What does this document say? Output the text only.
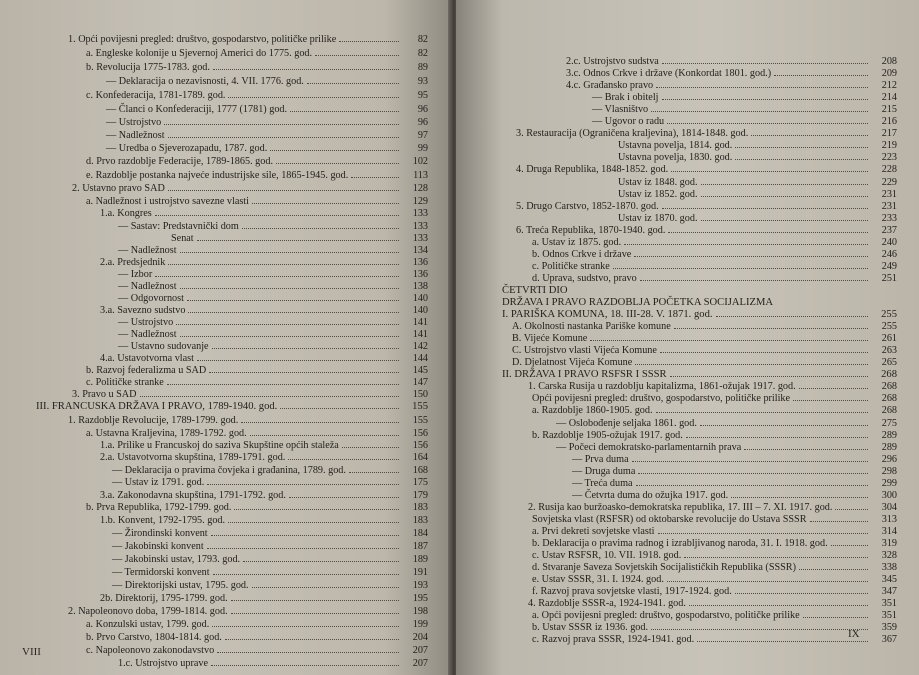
1. Opći povijesni pregled: društvo, gospodarstvo, političke prilike	82
a. Engleske kolonije u Sjevernoj Americi do 1775. god.	82
b. Revolucija 1775-1783. god.	89
— Deklaracija o nezavisnosti, 4. VII. 1776. god.	93
c. Konfederacija, 1781-1789. god.	95
— Članci o Konfederaciji, 1777 (1781) god.	96
— Ustrojstvo	96
— Nadležnost	97
— Uredba o Sjeverozapadu, 1787. god.	99
d. Prvo razdoblje Federacije, 1789-1865. god.	102
e. Razdoblje postanka najveće industrijske sile, 1865-1945. god.	113
2. Ustavno pravo SAD	128
a. Nadležnost i ustrojstvo savezne vlasti	129
1.a. Kongres	133
— Sastav: Predstavnički dom	133
Senat	133
— Nadležnost	134
2.a. Predsjednik	136
— Izbor	136
— Nadležnost	138
— Odgovornost	140
3.a. Savezno sudstvo	140
— Ustrojstvo	141
— Nadležnost	141
— Ustavno sudovanje	142
4.a. Ustavotvorna vlast	144
b. Razvoj federalizma u SAD	145
c. Političke stranke	147
3. Pravo u SAD	150
III. FRANCUSKA DRŽAVA I PRAVO, 1789-1940. god.	155
1. Razdoblje Revolucije, 1789-1799. god.	155
a. Ustavna Kraljevina, 1789-1792. god.	156
1.a. Prilike u Francuskoj do saziva Skupštine općih staleža	156
2.a. Ustavotvorna skupština, 1789-1791. god.	164
— Deklaracija o pravima čovjeka i građanina, 1789. god.	168
— Ustav iz 1791. god.	175
3.a. Zakonodavna skupština, 1791-1792. god.	179
b. Prva Republika, 1792-1799. god.	183
1.b. Konvent, 1792-1795. god.	183
— Žirondinski konvent	184
— Jakobinski konvent	187
— Jakobinski ustav, 1793. god.	189
— Termidorski konvent	191
— Direktorijski ustav, 1795. god.	193
2b. Direktorij, 1795-1799. god.	195
2. Napoleonovo doba, 1799-1814. god.	198
a. Konzulski ustav, 1799. god.	199
b. Prvo Carstvo, 1804-1814. god.	204
c. Napoleonovo zakonodavstvo	207
1.c. Ustrojstvo uprave	207
VIII
2.c. Ustrojstvo sudstva	208
3.c. Odnos Crkve i države (Konkordat 1801. god.)	209
4.c. Građansko pravo	212
— Brak i obitelj	214
— Vlasništvo	215
— Ugovor o radu	216
3. Restauracija (Ograničena kraljevina), 1814-1848. god.	217
Ustavna povelja, 1814. god.	219
Ustavna povelja, 1830. god.	223
4. Druga Republika, 1848-1852. god.	228
Ustav iz 1848. god.	229
Ustav iz 1852. god.	231
5. Drugo Carstvo, 1852-1870. god.	231
Ustav iz 1870. god.	233
6. Treća Republika, 1870-1940. god.	237
a. Ustav iz 1875. god.	240
b. Odnos Crkve i države	246
c. Političke stranke	249
d. Uprava, sudstvo, pravo	251
ČETVRTI DIO
DRŽAVA I PRAVO RAZDOBLJA POČETKA SOCIJALIZMA
I. PARIŠKA KOMUNA, 18. III-28. V. 1871. god.	255
A. Okolnosti nastanka Pariške komune	255
B. Vijeće Komune	261
C. Ustrojstvo vlasti Vijeća Komune	263
D. Djelatnost Vijeća Komune	265
II. DRŽAVA I PRAVO RSFSR I SSSR	268
1. Carska Rusija u razdoblju kapitalizma, 1861-ožujak 1917. god.	268
Opći povijesni pregled: društvo, gospodarstvo, političke prilike	268
a. Razdoblje 1860-1905. god.	268
— Oslobođenje seljaka 1861. god.	275
b. Razdoblje 1905-ožujak 1917. god.	289
— Počeci demokratsko-parlamentarnih prava	289
— Prva duma	296
— Druga duma	298
— Treća duma	299
— Četvrta duma do ožujka 1917. god.	300
2. Rusija kao buržoasko-demokratska republika, 17. III – 7. XI. 1917. god.	304
Sovjetska vlast (RSFSR) od oktobarske revolucije do Ustava SSSR	313
a. Prvi dekreti sovjetske vlasti	314
b. Deklaracija o pravima radnog i izrabljivanog naroda, 31. I. 1918. god.	319
c. Ustav RSFSR, 10. VII. 1918. god.	328
d. Stvaranje Saveza Sovjetskih Socijalističkih Republika (SSSR)	338
e. Ustav SSSR, 31. I. 1924. god.	345
f. Razvoj prava sovjetske vlasti, 1917-1924. god.	347
4. Razdoblje SSSR-a, 1924-1941. god.	351
a. Opći povijesni pregled: društvo, gospodarstvo, političke prilike	351
b. Ustav SSSR iz 1936. god.	359
c. Razvoj prava SSSR, 1924-1941. god.	367
IX
